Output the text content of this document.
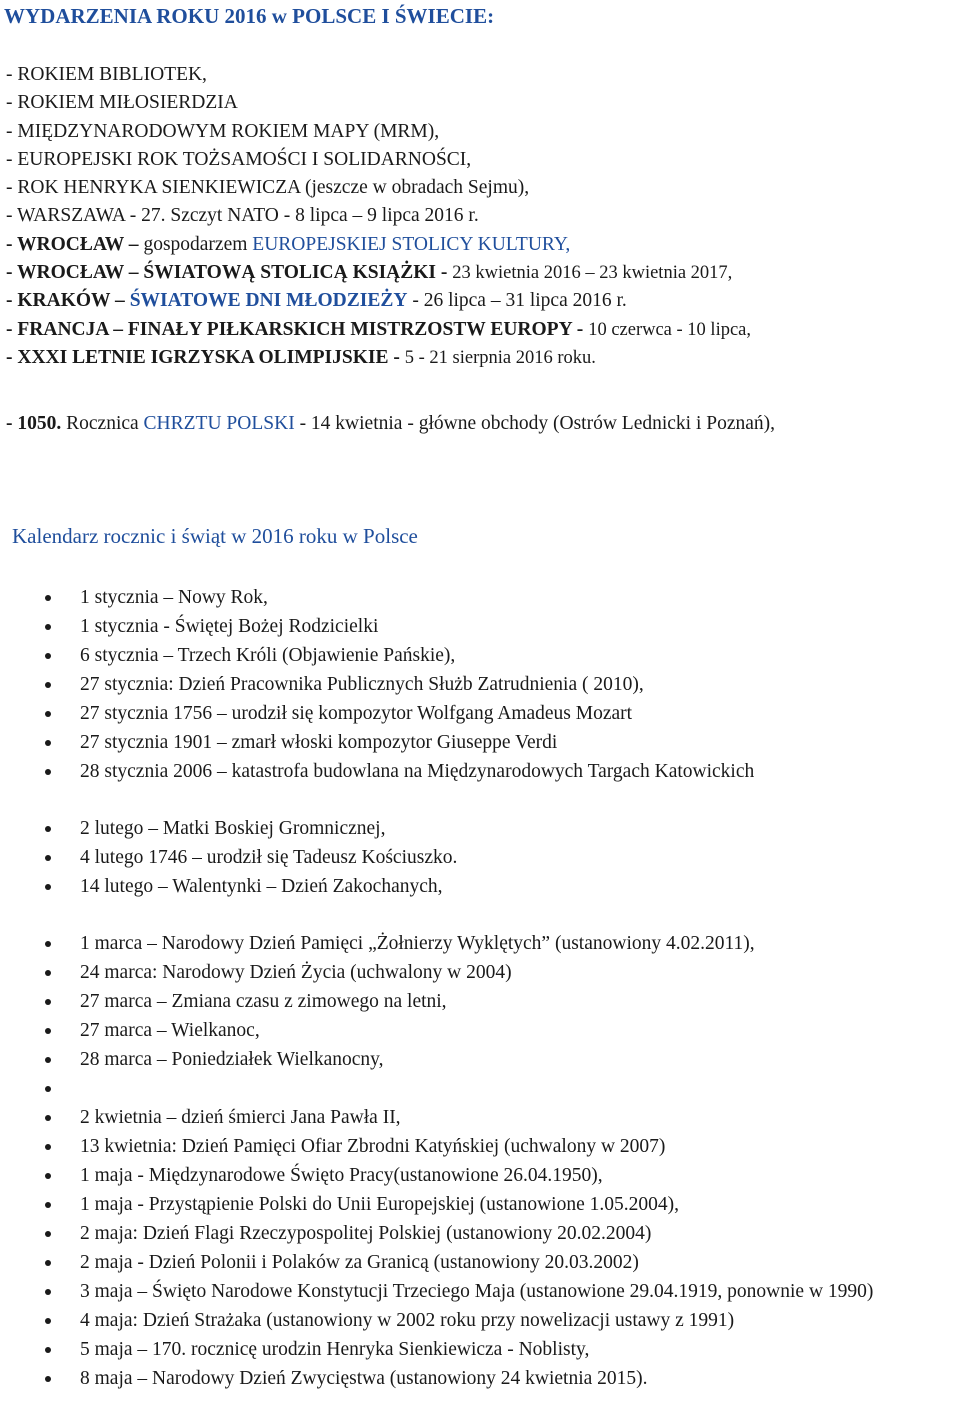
WYDARZENIA ROKU 2016 w POLSCE I ŚWIECIE:
- ROKIEM BIBLIOTEK,
- ROKIEM MIŁOSIERDZIA
- MIĘDZYNARODOWYM ROKIEM MAPY (MRM),
- EUROPEJSKI ROK TOŻSAMOŚCI I SOLIDARNOŚCI,
- ROK HENRYKA SIENKIEWICZA (jeszcze w obradach Sejmu),
- WARSZAWA - 27. Szczyt NATO - 8 lipca – 9 lipca 2016 r.
- WROCŁAW – gospodarzem EUROPEJSKIEJ STOLICY KULTURY,
- WROCŁAW – ŚWIATOWĄ STOLICĄ KSIĄŻKI - 23 kwietnia 2016 – 23 kwietnia 2017,
- KRAKÓW – ŚWIATOWE DNI MŁODZIEŻY - 26 lipca – 31 lipca 2016 r.
- FRANCJA – FINAŁY PIŁKARSKICH MISTRZOSTW EUROPY - 10 czerwca - 10 lipca,
- XXXI LETNIE IGRZYSKA OLIMPIJSKIE - 5 - 21 sierpnia 2016 roku.
- 1050. Rocznica CHRZTU POLSKI - 14 kwietnia - główne obchody (Ostrów Lednicki i Poznań),
Kalendarz rocznic i świąt w 2016 roku w Polsce
1 stycznia – Nowy Rok,
1 stycznia - Świętej Bożej Rodzicielki
6 stycznia – Trzech Króli (Objawienie Pańskie),
27 stycznia: Dzień Pracownika Publicznych Służb Zatrudnienia ( 2010),
27 stycznia 1756 – urodził się kompozytor Wolfgang Amadeus Mozart
27 stycznia 1901 – zmarł włoski kompozytor Giuseppe Verdi
28 stycznia 2006 – katastrofa budowlana na Międzynarodowych Targach Katowickich
2 lutego – Matki Boskiej Gromnicznej,
4 lutego 1746 – urodził się Tadeusz Kościuszko.
14 lutego – Walentynki – Dzień Zakochanych,
1 marca – Narodowy Dzień Pamięci „Żołnierzy Wyklętych” (ustanowiony 4.02.2011),
24 marca: Narodowy Dzień Życia (uchwalony w 2004)
27 marca – Zmiana czasu z zimowego na letni,
27 marca – Wielkanoc,
28 marca – Poniedziałek Wielkanocny,
2 kwietnia – dzień śmierci Jana Pawła II,
13 kwietnia: Dzień Pamięci Ofiar Zbrodni Katyńskiej (uchwalony w 2007)
1 maja - Międzynarodowe Święto Pracy(ustanowione 26.04.1950),
1 maja - Przystąpienie Polski do Unii Europejskiej (ustanowione 1.05.2004),
2 maja: Dzień Flagi Rzeczypospolitej Polskiej (ustanowiony 20.02.2004)
2 maja - Dzień Polonii i Polaków za Granicą (ustanowiony 20.03.2002)
3 maja – Święto Narodowe Konstytucji Trzeciego Maja (ustanowione 29.04.1919, ponownie w 1990)
4 maja: Dzień Strażaka (ustanowiony w 2002 roku przy nowelizacji ustawy z 1991)
5 maja – 170. rocznicę urodzin Henryka Sienkiewicza - Noblisty,
8 maja – Narodowy Dzień Zwycięstwa (ustanowiony 24 kwietnia 2015).
